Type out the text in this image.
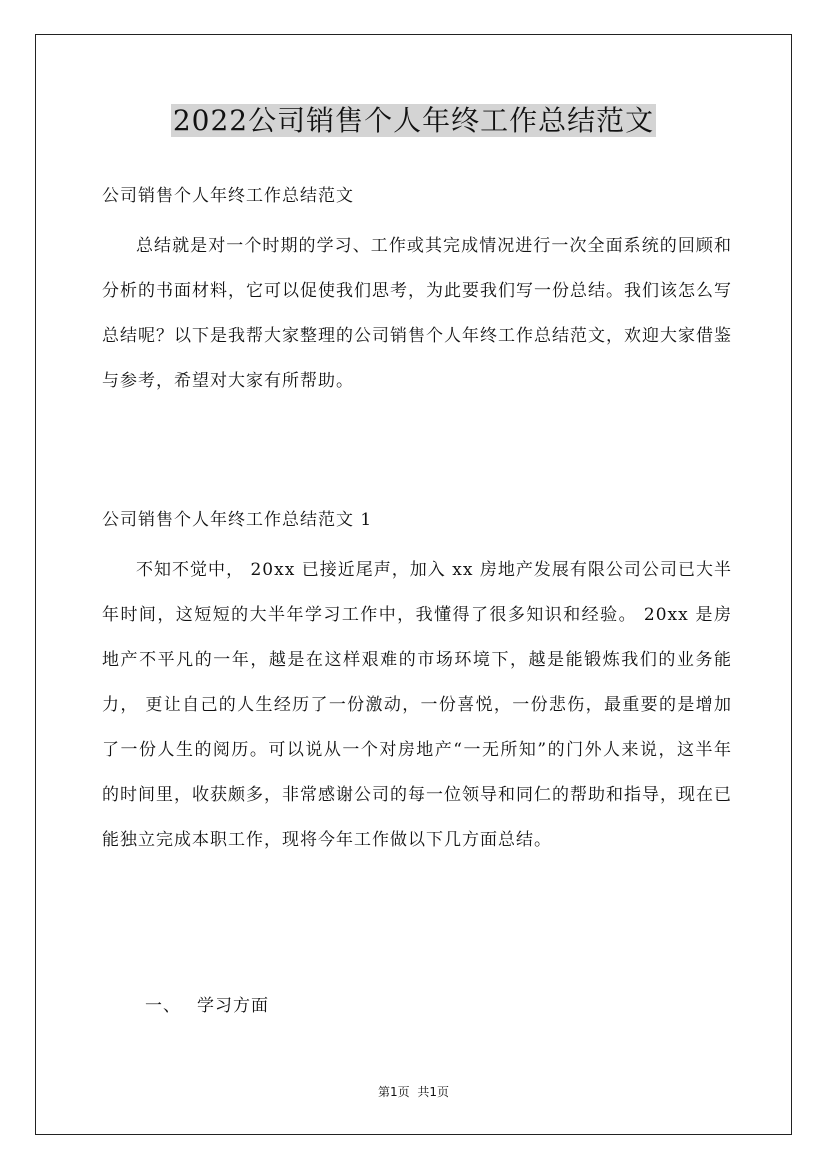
2022公司销售个人年终工作总结范文

公司销售个人年终工作总结范文

总结就是对一个时期的学习、工作或其完成情况进行一次全面系统的回顾和分析的书面材料，它可以促使我们思考，为此要我们写一份总结。我们该怎么写总结呢？以下是我帮大家整理的公司销售个人年终工作总结范文，欢迎大家借鉴与参考，希望对大家有所帮助。

公司销售个人年终工作总结范文 1

不知不觉中， 20xx 已接近尾声，加入 xx 房地产发展有限公司公司已大半年时间，这短短的大半年学习工作中，我懂得了很多知识和经验。 20xx 是房地产不平凡的一年，越是在这样艰难的市场环境下，越是能锻炼我们的业务能力， 更让自己的人生经历了一份激动，一份喜悦，一份悲伤，最重要的是增加了一份人生的阅历。可以说从一个对房地产“一无所知”的门外人来说，这半年的时间里，收获颇多，非常感谢公司的每一位领导和同仁的帮助和指导，现在已能独立完成本职工作，现将今年工作做以下几方面总结。

一、 学习方面

第1页 共1页
